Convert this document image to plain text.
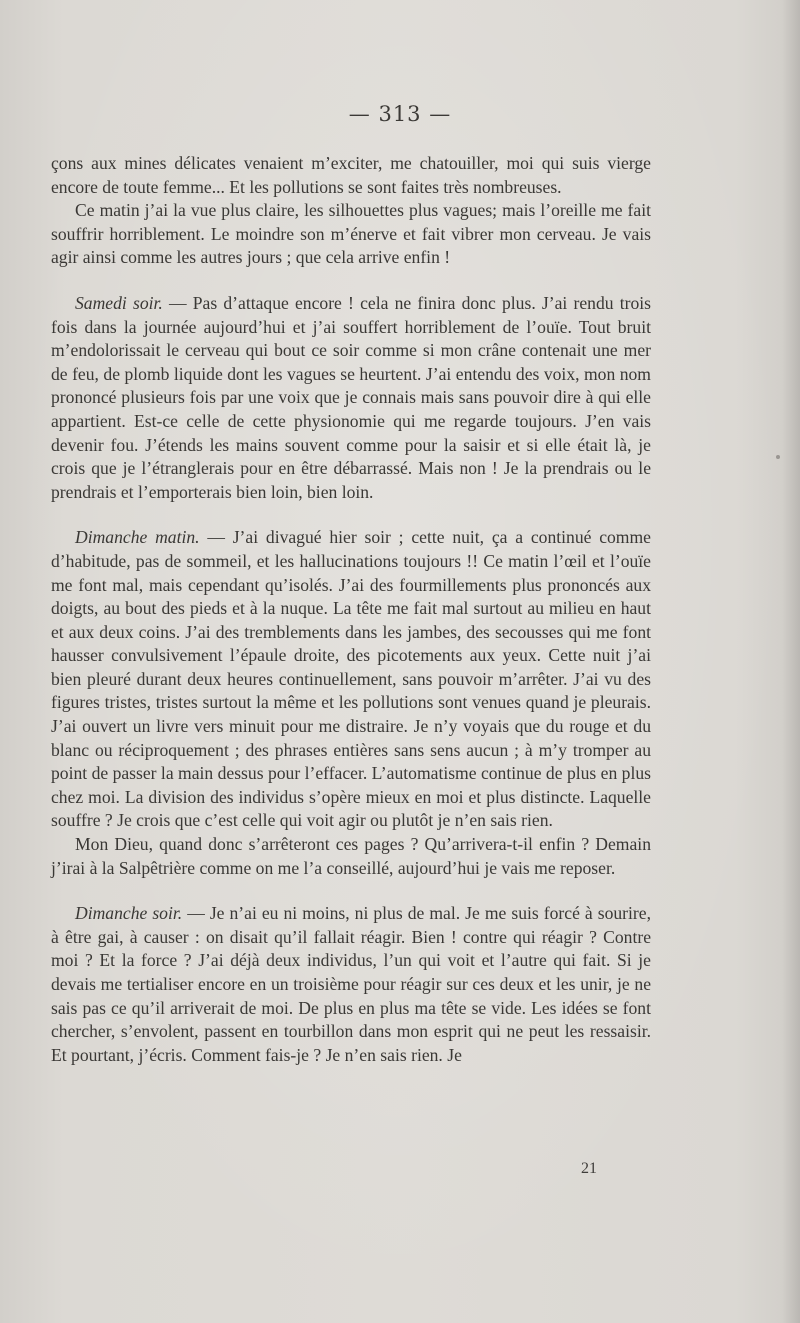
— 313 —

çons aux mines délicates venaient m’exciter, me chatouiller, moi qui suis vierge encore de toute femme... Et les pollutions se sont faites très nombreuses.

Ce matin j’ai la vue plus claire, les silhouettes plus vagues; mais l’oreille me fait souffrir horriblement. Le moindre son m’énerve et fait vibrer mon cerveau. Je vais agir ainsi comme les autres jours ; que cela arrive enfin !

Samedi soir. — Pas d’attaque encore ! cela ne finira donc plus. J’ai rendu trois fois dans la journée aujourd’hui et j’ai souffert horriblement de l’ouïe. Tout bruit m’endolorissait le cerveau qui bout ce soir comme si mon crâne contenait une mer de feu, de plomb liquide dont les vagues se heurtent. J’ai entendu des voix, mon nom prononcé plusieurs fois par une voix que je connais mais sans pouvoir dire à qui elle appartient. Est-ce celle de cette physionomie qui me regarde toujours. J’en vais devenir fou. J’étends les mains souvent comme pour la saisir et si elle était là, je crois que je l’étranglerais pour en être débarrassé. Mais non ! Je la prendrais ou le prendrais et l’emporterais bien loin, bien loin.

Dimanche matin. — J’ai divagué hier soir ; cette nuit, ça a continué comme d’habitude, pas de sommeil, et les hallucinations toujours !! Ce matin l’œil et l’ouïe me font mal, mais cependant qu’isolés. J’ai des fourmillements plus prononcés aux doigts, au bout des pieds et à la nuque. La tête me fait mal surtout au milieu en haut et aux deux coins. J’ai des tremblements dans les jambes, des secousses qui me font hausser convulsivement l’épaule droite, des picotements aux yeux. Cette nuit j’ai bien pleuré durant deux heures continuellement, sans pouvoir m’arrêter. J’ai vu des figures tristes, tristes surtout la même et les pollutions sont venues quand je pleurais. J’ai ouvert un livre vers minuit pour me distraire. Je n’y voyais que du rouge et du blanc ou réciproquement ; des phrases entières sans sens aucun ; à m’y tromper au point de passer la main dessus pour l’effacer. L’automatisme continue de plus en plus chez moi. La division des individus s’opère mieux en moi et plus distincte. Laquelle souffre ? Je crois que c’est celle qui voit agir ou plutôt je n’en sais rien.

Mon Dieu, quand donc s’arrêteront ces pages ? Qu’arrivera-t-il enfin ? Demain j’irai à la Salpêtrière comme on me l’a conseillé, aujourd’hui je vais me reposer.

Dimanche soir. — Je n’ai eu ni moins, ni plus de mal. Je me suis forcé à sourire, à être gai, à causer : on disait qu’il fallait réagir. Bien ! contre qui réagir ? Contre moi ? Et la force ? J’ai déjà deux individus, l’un qui voit et l’autre qui fait. Si je devais me tertialiser encore en un troisième pour réagir sur ces deux et les unir, je ne sais pas ce qu’il arriverait de moi. De plus en plus ma tête se vide. Les idées se font chercher, s’envolent, passent en tourbillon dans mon esprit qui ne peut les ressaisir. Et pourtant, j’écris. Comment fais-je ? Je n’en sais rien. Je

21
